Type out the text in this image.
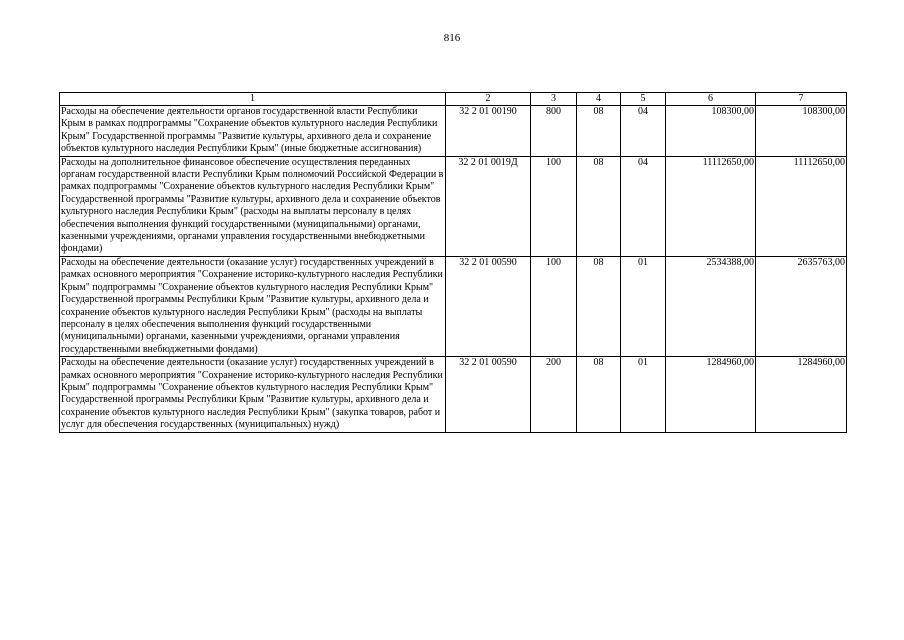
816
1	2	3	4	5	6	7
Расходы на обеспечение деятельности органов государственной власти Республики Крым в рамках подпрограммы "Сохранение объектов культурного наследия Республики Крым" Государственной программы "Развитие культуры, архивного дела и сохранение объектов культурного наследия Республики Крым" (иные бюджетные ассигнования)	32 2 01 00190	800	08	04	108300,00	108300,00
Расходы на дополнительное финансовое обеспечение осуществления переданных органам государственной власти Республики Крым полномочий Российской Федерации в рамках подпрограммы "Сохранение объектов культурного наследия Республики Крым" Государственной программы "Развитие культуры, архивного дела и сохранение объектов культурного наследия Республики Крым" (расходы на выплаты персоналу в целях обеспечения выполнения функций государственными (муниципальными) органами, казенными учреждениями, органами управления государственными внебюджетными фондами)	32 2 01 0019Д	100	08	04	11112650,00	11112650,00
Расходы на обеспечение деятельности (оказание услуг) государственных учреждений в рамках основного мероприятия "Сохранение историко-культурного наследия Республики Крым" подпрограммы "Сохранение объектов культурного наследия Республики Крым" Государственной программы Республики Крым "Развитие культуры, архивного дела и сохранение объектов культурного наследия Республики Крым" (расходы на выплаты персоналу в целях обеспечения выполнения функций государственными (муниципальными) органами, казенными учреждениями, органами управления государственными внебюджетными фондами)	32 2 01 00590	100	08	01	2534388,00	2635763,00
Расходы на обеспечение деятельности (оказание услуг) государственных учреждений в рамках основного мероприятия "Сохранение историко-культурного наследия Республики Крым" подпрограммы "Сохранение объектов культурного наследия Республики Крым" Государственной программы Республики Крым "Развитие культуры, архивного дела и сохранение объектов культурного наследия Республики Крым" (закупка товаров, работ и услуг для обеспечения государственных (муниципальных) нужд)	32 2 01 00590	200	08	01	1284960,00	1284960,00
